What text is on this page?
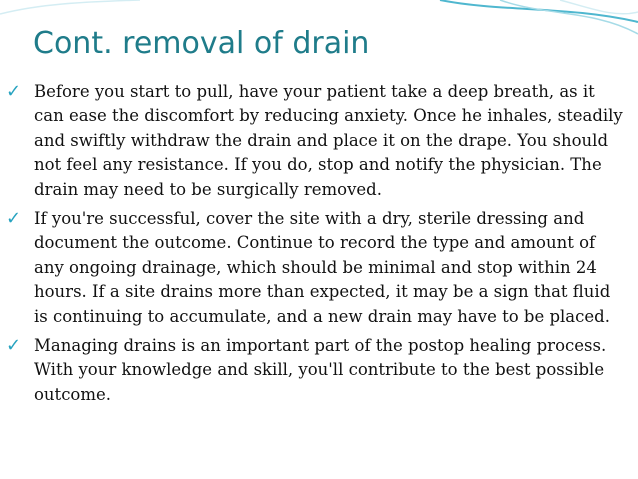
Cont. removal of drain
✓ Before you start to pull, have your patient take a deep breath, as it can ease the discomfort by reducing anxiety. Once he inhales, steadily and swiftly withdraw the drain and place it on the drape. You should not feel any resistance. If you do, stop and notify the physician. The drain may need to be surgically removed.
✓ If you're successful, cover the site with a dry, sterile dressing and document the outcome. Continue to record the type and amount of any ongoing drainage, which should be minimal and stop within 24 hours. If a site drains more than expected, it may be a sign that fluid is continuing to accumulate, and a new drain may have to be placed.
✓ Managing drains is an important part of the postop healing process. With your knowledge and skill, you'll contribute to the best possible outcome.
